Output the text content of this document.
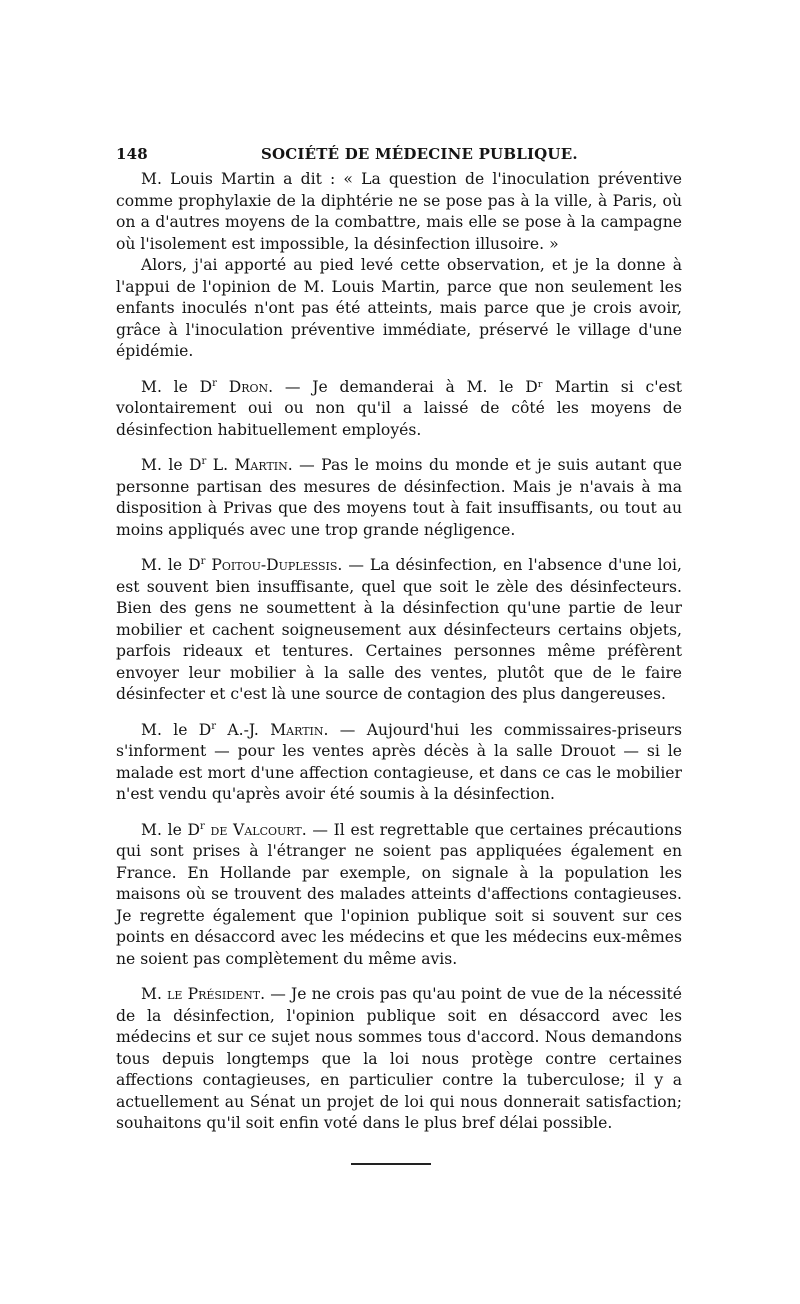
148	SOCIÉTÉ DE MÉDECINE PUBLIQUE.

M. Louis Martin a dit : « La question de l'inoculation préventive comme prophylaxie de la diphtérie ne se pose pas à la ville, à Paris, où on a d'autres moyens de la combattre, mais elle se pose à la campagne où l'isolement est impossible, la désinfection illusoire. »

Alors, j'ai apporté au pied levé cette observation, et je la donne à l'appui de l'opinion de M. Louis Martin, parce que non seulement les enfants inoculés n'ont pas été atteints, mais parce que je crois avoir, grâce à l'inoculation préventive immédiate, préservé le village d'une épidémie.

M. le $D^r$ Dron. — Je demanderai à M. le Dʳ Martin si c'est volontairement oui ou non qu'il a laissé de côté les moyens de désinfection habituellement employés.

M. le $D^r$ L. Martin. — Pas le moins du monde et je suis autant que personne partisan des mesures de désinfection. Mais je n'avais à ma disposition à Privas que des moyens tout à fait insuffisants, ou tout au moins appliqués avec une trop grande négligence.

M. le $D^r$ Poitou-Duplessis. — La désinfection, en l'absence d'une loi, est souvent bien insuffisante, quel que soit le zèle des désinfecteurs. Bien des gens ne soumettent à la désinfection qu'une partie de leur mobilier et cachent soigneusement aux désinfecteurs certains objets, parfois rideaux et tentures. Certaines personnes même préfèrent envoyer leur mobilier à la salle des ventes, plutôt que de le faire désinfecter et c'est là une source de contagion des plus dangereuses.

M. le $D^r$ A.-J. Martin. — Aujourd'hui les commissaires-priseurs s'informent — pour les ventes après décès à la salle Drouot — si le malade est mort d'une affection contagieuse, et dans ce cas le mobilier n'est vendu qu'après avoir été soumis à la désinfection.

M. le $D^r$ de Valcourt. — Il est regrettable que certaines précautions qui sont prises à l'étranger ne soient pas appliquées également en France. En Hollande par exemple, on signale à la population les maisons où se trouvent des malades atteints d'affections contagieuses. Je regrette également que l'opinion publique soit si souvent sur ces points en désaccord avec les médecins et que les médecins eux-mêmes ne soient pas complètement du même avis.

M. le Président. — Je ne crois pas qu'au point de vue de la nécessité de la désinfection, l'opinion publique soit en désaccord avec les médecins et sur ce sujet nous sommes tous d'accord. Nous demandons tous depuis longtemps que la loi nous protège contre certaines affections contagieuses, en particulier contre la tuberculose; il y a actuellement au Sénat un projet de loi qui nous donnerait satisfaction; souhaitons qu'il soit enfin voté dans le plus bref délai possible.
